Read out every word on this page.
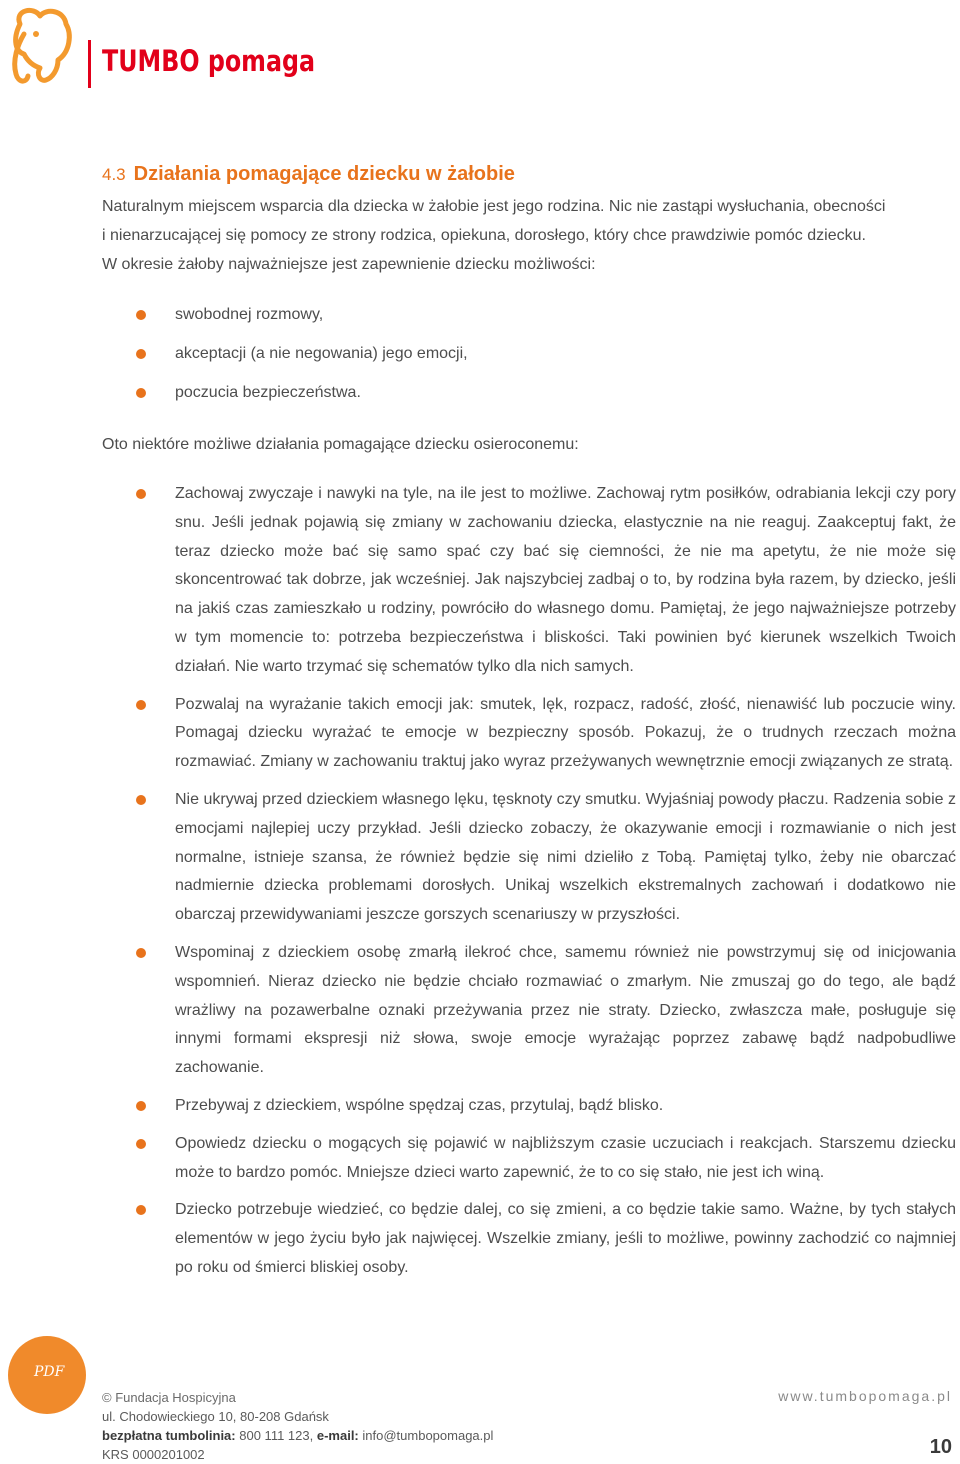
TUMBO pomaga
4.3 Działania pomagające dziecku w żałobie

Naturalnym miejscem wsparcia dla dziecka w żałobie jest jego rodzina. Nic nie zastąpi wysłuchania, obecności

i nienarzucającej się pomocy ze strony rodzica, opiekuna, dorosłego, który chce prawdziwie pomóc dziecku.

W okresie żałoby najważniejsze jest zapewnienie dziecku możliwości:

swobodnej rozmowy,
akceptacji (a nie negowania) jego emocji,
poczucia bezpieczeństwa.
Oto niektóre możliwe działania pomagające dziecku osieroconemu:
Zachowaj zwyczaje i nawyki na tyle, na ile jest to możliwe. Zachowaj rytm posiłków, odrabiania lekcji czy pory snu. Jeśli jednak pojawią się zmiany w zachowaniu dziecka, elastycznie na nie reaguj. Zaakceptuj fakt, że teraz dziecko może bać się samo spać czy bać się ciemności, że nie ma apetytu, że nie może się skoncentrować tak dobrze, jak wcześniej. Jak najszybciej zadbaj o to, by rodzina była razem, by dziecko, jeśli na jakiś czas zamieszkało u rodziny, powróciło do własnego domu. Pamiętaj, że jego najważniejsze potrzeby w tym momencie to: potrzeba bezpieczeństwa i bliskości. Taki powinien być kierunek wszelkich Twoich działań. Nie warto trzymać się schematów tylko dla nich samych.
Pozwalaj na wyrażanie takich emocji jak: smutek, lęk, rozpacz, radość, złość, nienawiść lub poczucie winy. Pomagaj dziecku wyrażać te emocje w bezpieczny sposób. Pokazuj, że o trudnych rzeczach można rozmawiać. Zmiany w zachowaniu traktuj jako wyraz przeżywanych wewnętrznie emocji związanych ze stratą.
Nie ukrywaj przed dzieckiem własnego lęku, tęsknoty czy smutku. Wyjaśniaj powody płaczu. Radzenia sobie z emocjami najlepiej uczy przykład. Jeśli dziecko zobaczy, że okazywanie emocji i rozmawianie o nich jest normalne, istnieje szansa, że również będzie się nimi dzieliło z Tobą. Pamiętaj tylko, żeby nie obarczać nadmiernie dziecka problemami dorosłych. Unikaj wszelkich ekstremalnych zachowań i dodatkowo nie obarczaj przewidywaniami jeszcze gorszych scenariuszy w przyszłości.
Wspominaj z dzieckiem osobę zmarłą ilekroć chce, samemu również nie powstrzymuj się od inicjowania wspomnień. Nieraz dziecko nie będzie chciało rozmawiać o zmarłym. Nie zmuszaj go do tego, ale bądź wrażliwy na pozawerbalne oznaki przeżywania przez nie straty. Dziecko, zwłaszcza małe, posługuje się innymi formami ekspresji niż słowa, swoje emocje wyrażając poprzez zabawę bądź nadpobudliwe zachowanie.
Przebywaj z dzieckiem, wspólne spędzaj czas, przytulaj, bądź blisko.
Opowiedz dziecku o mogących się pojawić w najbliższym czasie uczuciach i reakcjach. Starszemu dziecku może to bardzo pomóc. Mniejsze dzieci warto zapewnić, że to co się stało, nie jest ich winą.
Dziecko potrzebuje wiedzieć, co będzie dalej, co się zmieni, a co będzie takie samo. Ważne, by tych stałych elementów w jego życiu było jak najwięcej. Wszelkie zmiany, jeśli to możliwe, powinny zachodzić co najmniej po roku od śmierci bliskiej osoby.
PDF
© Fundacja Hospicyjna
ul. Chodowieckiego 10, 80-208 Gdańsk
bezpłatna tumbolinia: 800 111 123, e-mail: info@tumbopomaga.pl
KRS 0000201002
www.tumbopomaga.pl
10
